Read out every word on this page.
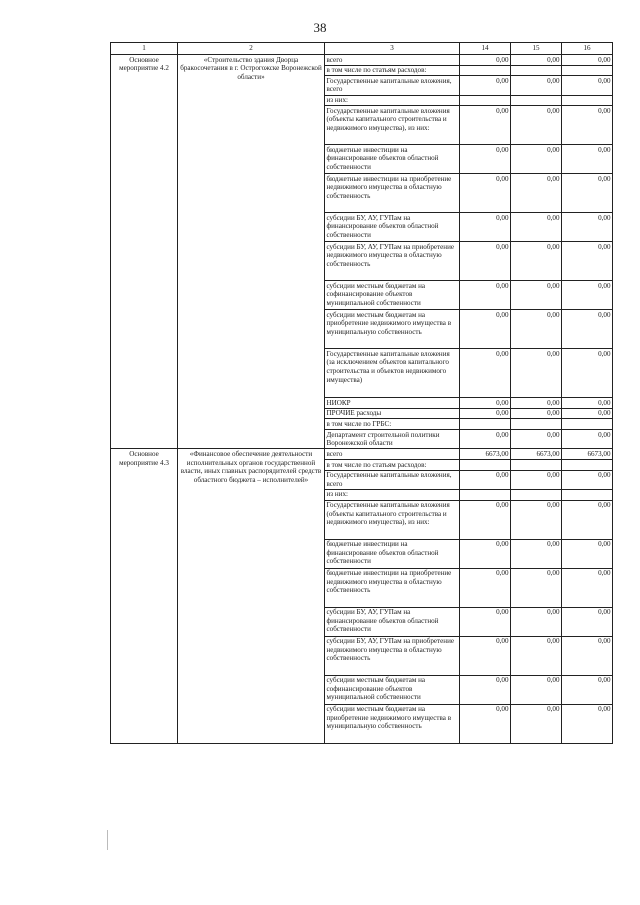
38
1	2	3	14	15	16
Основное мероприятие 4.2	«Строительство здания Дворца бракосочетания в г. Острогожске Воронежской области»	всего	0,00	0,00	0,00
		в том числе по статьям расходов:			
		Государственные капитальные вложения, всего	0,00	0,00	0,00
		из них:			
		Государственные капитальные вложения (объекты капитального строительства и недвижимого имущества), из них:	0,00	0,00	0,00
		бюджетные инвестиции на финансирование объектов областной собственности	0,00	0,00	0,00
		бюджетные инвестиции на приобретение недвижимого имущества в областную собственность	0,00	0,00	0,00
		субсидии БУ, АУ, ГУПам на финансирование объектов областной собственности	0,00	0,00	0,00
		субсидии БУ, АУ, ГУПам на приобретение недвижимого имущества в областную собственность	0,00	0,00	0,00
		субсидии местным бюджетам на софинансирование объектов муниципальной собственности	0,00	0,00	0,00
		субсидии местным бюджетам на приобретение недвижимого имущества в муниципальную собственность	0,00	0,00	0,00
		Государственные капитальные вложения (за исключением объектов капитального строительства и объектов недвижимого имущества)	0,00	0,00	0,00
		НИОКР	0,00	0,00	0,00
		ПРОЧИЕ расходы	0,00	0,00	0,00
		в том числе по ГРБС:			
		Департамент строительной политики Воронежской области	0,00	0,00	0,00
Основное мероприятие 4.3	«Финансовое обеспечение деятельности исполнительных органов государственной власти, иных главных распорядителей средств областного бюджета – исполнителей»	всего	6673,00	6673,00	6673,00
		в том числе по статьям расходов:			
		Государственные капитальные вложения, всего	0,00	0,00	0,00
		из них:			
		Государственные капитальные вложения (объекты капитального строительства и недвижимого имущества), из них:	0,00	0,00	0,00
		бюджетные инвестиции на финансирование объектов областной собственности	0,00	0,00	0,00
		бюджетные инвестиции на приобретение недвижимого имущества в областную собственность	0,00	0,00	0,00
		субсидии БУ, АУ, ГУПам на финансирование объектов областной собственности	0,00	0,00	0,00
		субсидии БУ, АУ, ГУПам на приобретение недвижимого имущества в областную собственность	0,00	0,00	0,00
		субсидии местным бюджетам на софинансирование объектов муниципальной собственности	0,00	0,00	0,00
		субсидии местным бюджетам на приобретение недвижимого имущества в муниципальную собственность	0,00	0,00	0,00
